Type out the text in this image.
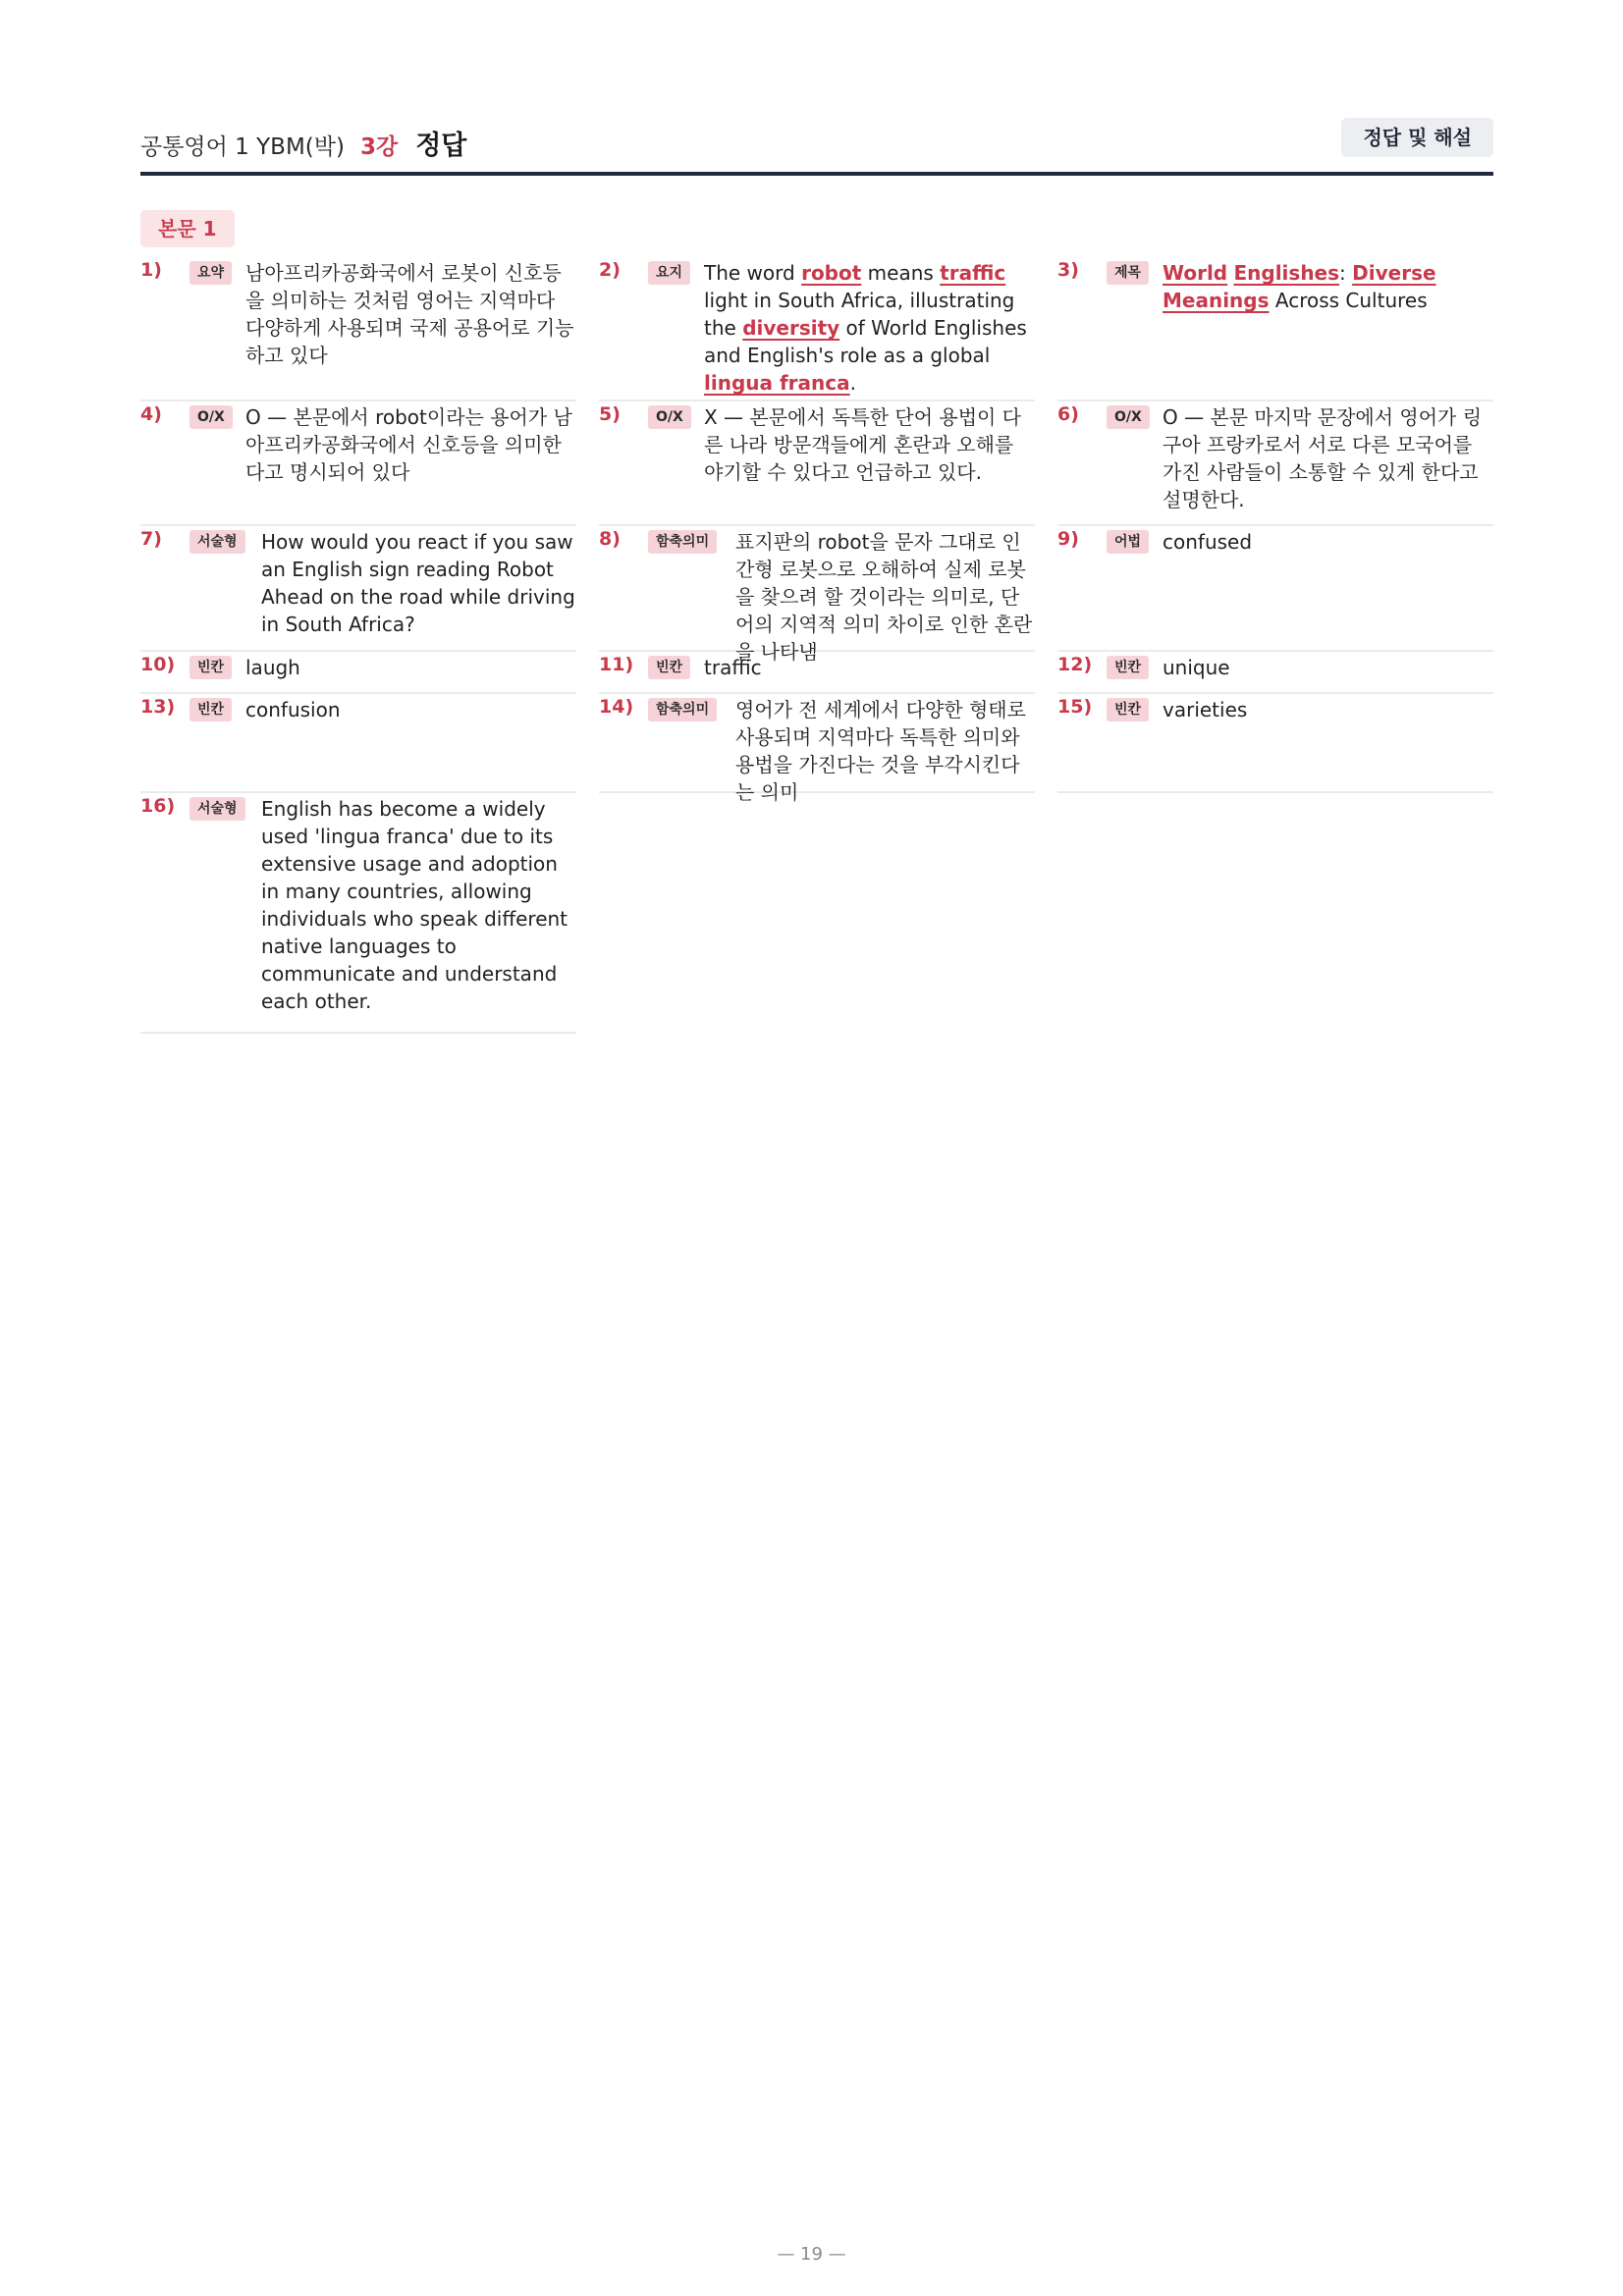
공통영어 1 YBM(박) 3강 정답	정답 및 해설
본문 1
1)	요약	남아프리카공화국에서 로봇이 신호등을 의미하는 것처럼 영어는 지역마다 다양하게 사용되며 국제 공용어로 기능하고 있다
2)	요지	The word robot means traffic light in South Africa, illustrating the diversity of World Englishes and English's role as a global lingua franca.
3)	제목	World Englishes: Diverse Meanings Across Cultures
4)	O/X	O — 본문에서 robot이라는 용어가 남아프리카공화국에서 신호등을 의미한다고 명시되어 있다
5)	O/X	X — 본문에서 독특한 단어 용법이 다른 나라 방문객들에게 혼란과 오해를 야기할 수 있다고 언급하고 있다.
6)	O/X	O — 본문 마지막 문장에서 영어가 링구아 프랑카로서 서로 다른 모국어를 가진 사람들이 소통할 수 있게 한다고 설명한다.
7)	서술형	How would you react if you saw an English sign reading Robot Ahead on the road while driving in South Africa?
8)	함축의미	표지판의 robot을 문자 그대로 인간형 로봇으로 오해하여 실제 로봇을 찾으려 할 것이라는 의미로, 단어의 지역적 의미 차이로 인한 혼란을 나타냄
9)	어법	confused
10)	빈칸	laugh	11)	빈칸	traffic	12)	빈칸	unique
13)	빈칸	confusion	14)	함축의미	영어가 전 세계에서 다양한 형태로 사용되며 지역마다 독특한 의미와 용법을 가진다는 것을 부각시킨다는 의미
15)	빈칸	varieties
16)	서술형	English has become a widely used 'lingua franca' due to its extensive usage and adoption in many countries, allowing individuals who speak different native languages to communicate and understand each other.
— 19 —
